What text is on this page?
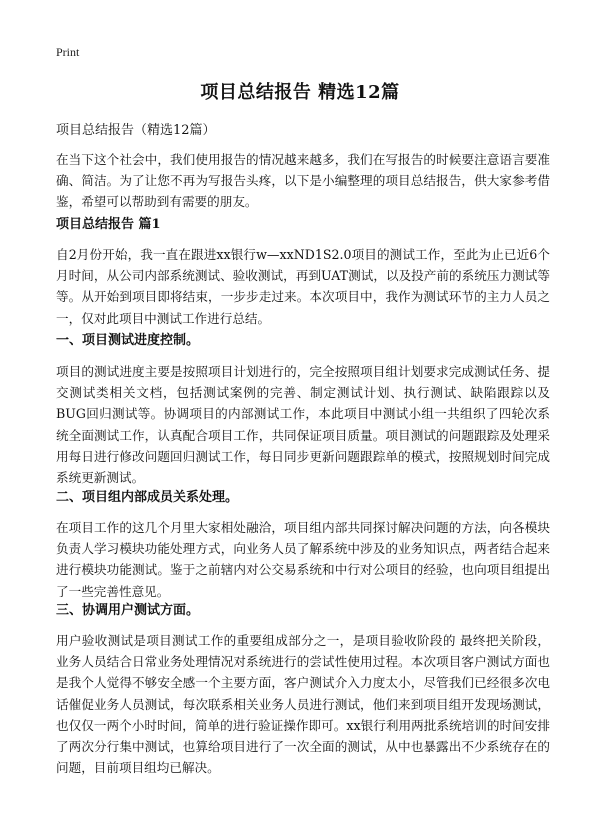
Print
项目总结报告 精选12篇

项目总结报告（精选12篇）

在当下这个社会中，我们使用报告的情况越来越多，我们在写报告的时候要注意语言要准确、简洁。为了让您不再为写报告头疼，以下是小编整理的项目总结报告，供大家参考借鉴，希望可以帮助到有需要的朋友。

项目总结报告 篇1

自2月份开始，我一直在跟进xx银行w—xxND1S2.0项目的测试工作，至此为止已近6个月时间，从公司内部系统测试、验收测试，再到UAT测试，以及投产前的系统压力测试等等。从开始到项目即将结束，一步步走过来。本次项目中，我作为测试环节的主力人员之一，仅对此项目中测试工作进行总结。

一、项目测试进度控制。

项目的测试进度主要是按照项目计划进行的，完全按照项目组计划要求完成测试任务、提交测试类相关文档，包括测试案例的完善、制定测试计划、执行测试、缺陷跟踪以及BUG回归测试等。协调项目的内部测试工作，本此项目中测试小组一共组织了四轮次系统全面测试工作，认真配合项目工作，共同保证项目质量。项目测试的问题跟踪及处理采用每日进行修改问题回归测试工作，每日同步更新问题跟踪单的模式，按照规划时间完成系统更新测试。

二、项目组内部成员关系处理。

在项目工作的这几个月里大家相处融洽，项目组内部共同探讨解决问题的方法，向各模块负责人学习模块功能处理方式，向业务人员了解系统中涉及的业务知识点，两者结合起来进行模块功能测试。鉴于之前辖内对公交易系统和中行对公项目的经验，也向项目组提出了一些完善性意见。

三、协调用户测试方面。

用户验收测试是项目测试工作的重要组成部分之一，是项目验收阶段的 最终把关阶段，业务人员结合日常业务处理情况对系统进行的尝试性使用过程。本次项目客户测试方面也是我个人觉得不够安全感一个主要方面，客户测试介入力度太小，尽管我们已经很多次电话催促业务人员测试，每次联系相关业务人员进行测试，他们来到项目组开发现场测试，也仅仅一两个小时时间，简单的进行验证操作即可。xx银行利用两批系统培训的时间安排了两次分行集中测试，也算给项目进行了一次全面的测试，从中也暴露出不少系统存在的问题，目前项目组均已解决。
